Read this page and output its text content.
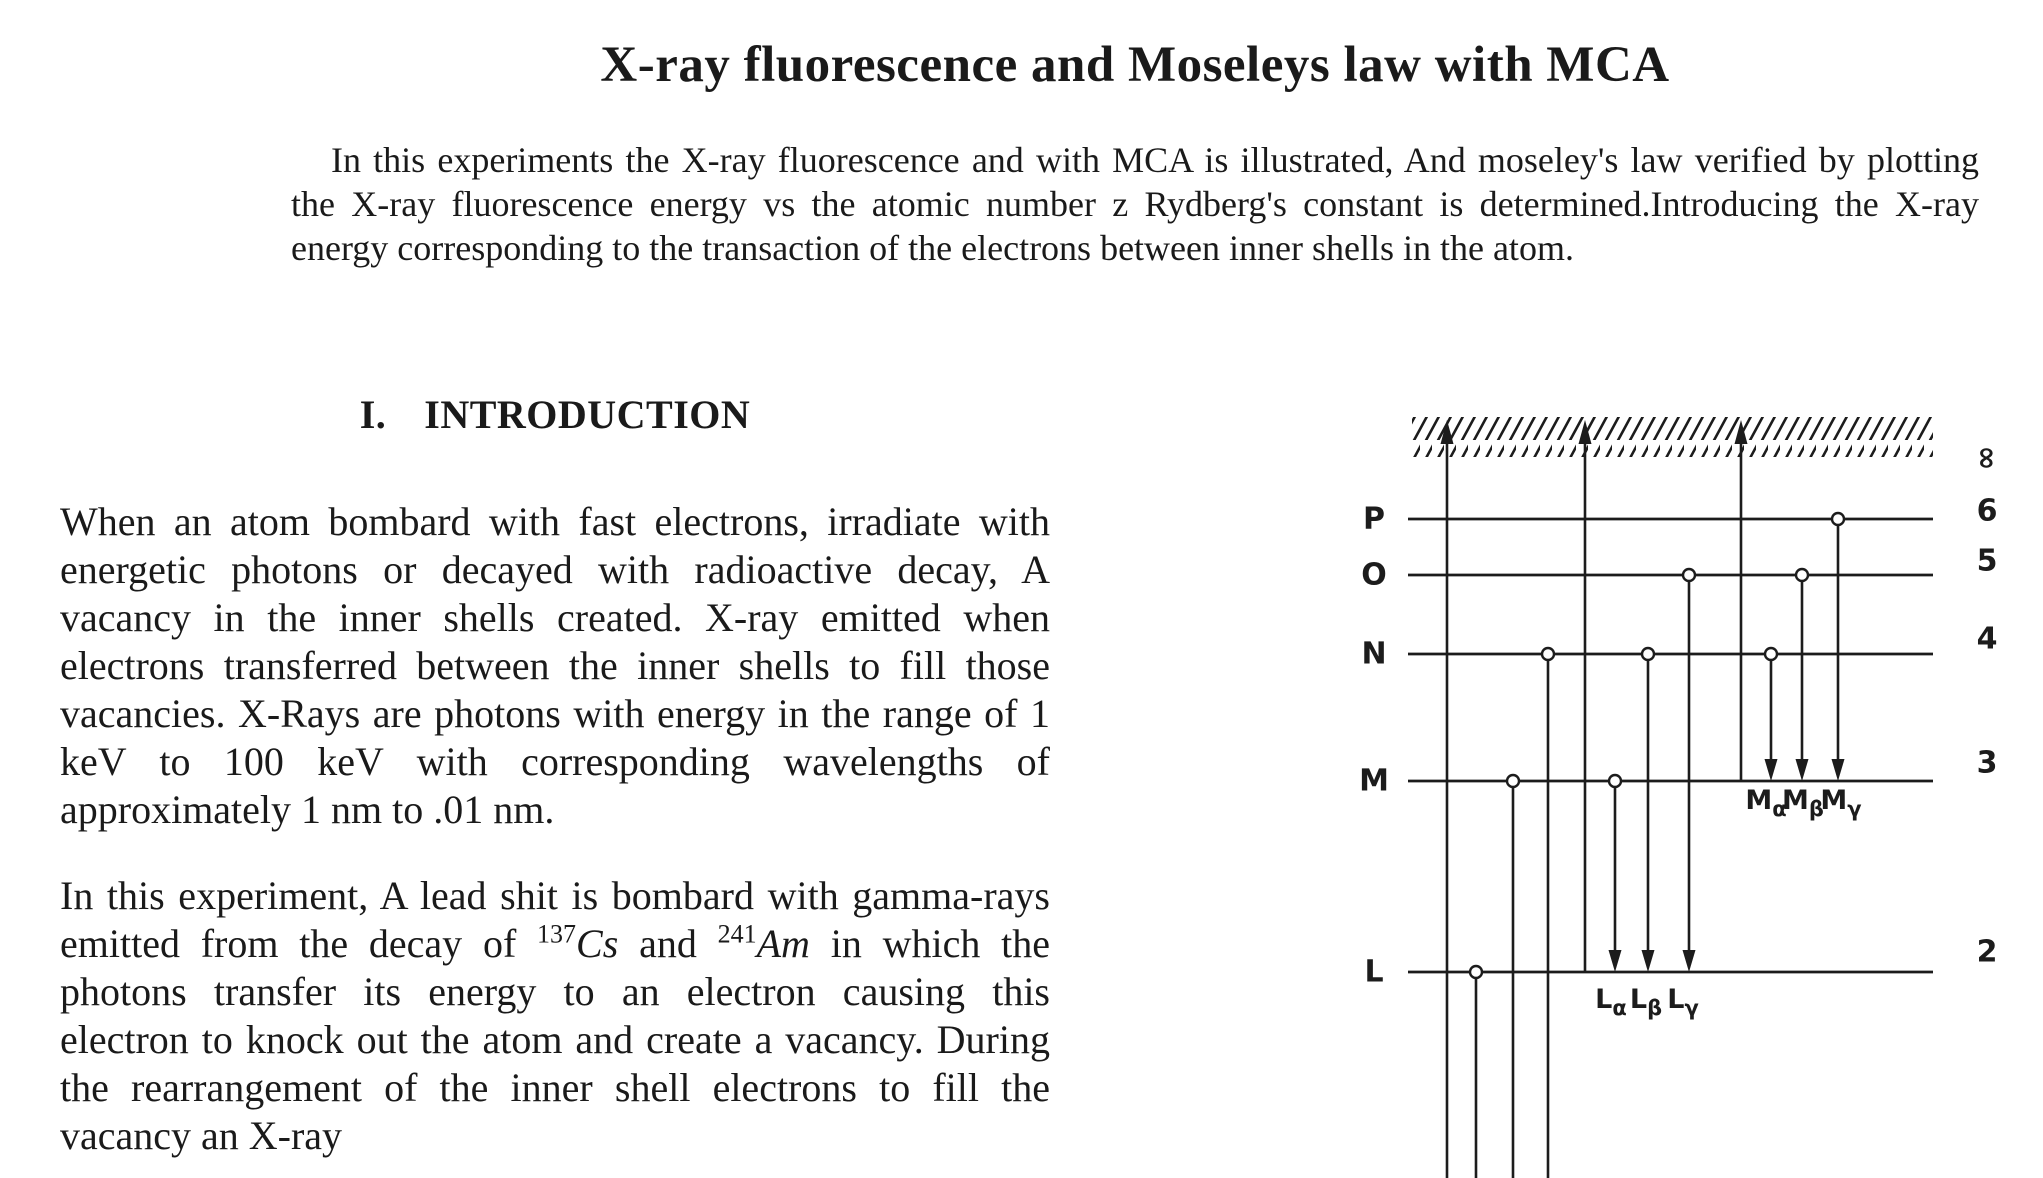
X-ray fluorescence and Moseleys law with MCA

In this experiments the X-ray fluorescence and with MCA is illustrated, And moseley's law verified by plotting the X-ray fluorescence energy vs the atomic number z Rydberg's constant is determined.Introducing the X-ray energy corresponding to the transaction of the electrons between inner shells in the atom.

I. INTRODUCTION

When an atom bombard with fast electrons, irradiate with energetic photons or decayed with radioactive decay, A vacancy in the inner shells created. X-ray emitted when electrons transferred between the inner shells to fill those vacancies. X-Rays are photons with energy in the range of 1 keV to 100 keV with corresponding wavelengths of approximately 1 nm to .01 nm.

In this experiment, A lead shit is bombard with gamma-rays emitted from the decay of $^{137}$Cs and $^{241}$Am in which the photons transfer its energy to an electron causing this electron to knock out the atom and create a vacancy. During the rearrangement of the inner shell electrons to fill the vacancy an X-ray

P
O
N
M
L
∞
6
5
4
3
2
$M_\alpha$
$M_\beta$
$M_\gamma$
$L_\alpha$ $L_\beta$ $L_\gamma$
